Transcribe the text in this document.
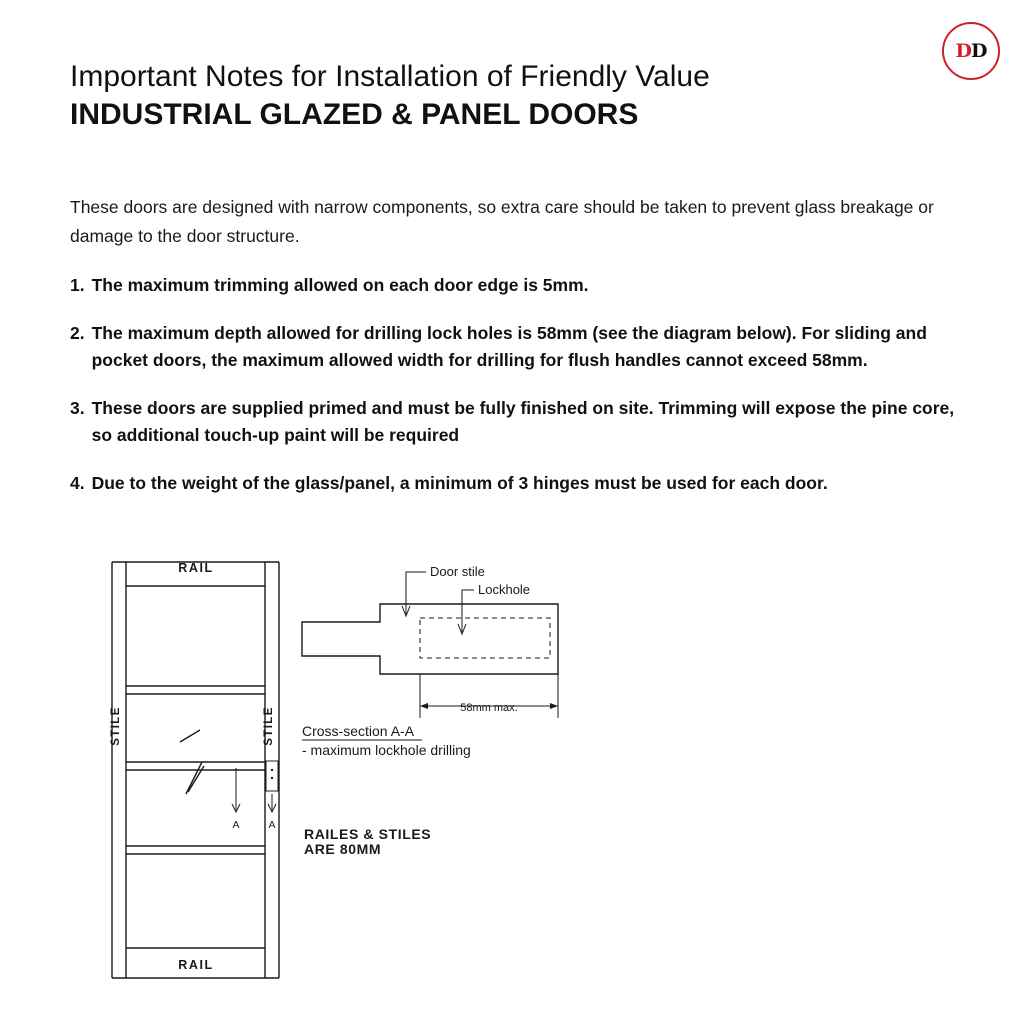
DD
Important Notes for Installation of Friendly Value
INDUSTRIAL GLAZED & PANEL DOORS
These doors are designed with narrow components, so extra care should be taken to prevent glass breakage or damage to the door structure.
1. The maximum trimming allowed on each door edge is 5mm.
2. The maximum depth allowed for drilling lock holes is 58mm (see the diagram below). For sliding and pocket doors, the maximum allowed width for drilling for flush handles cannot exceed 58mm.
3. These doors are supplied primed and must be fully finished on site. Trimming will expose the pine core, so additional touch-up paint will be required
4. Due to the weight of the glass/panel, a minimum of 3 hinges must be used for each door.
RAIL
RAIL
STILE	STILE
A	A
Door stile
Lockhole
58mm max.
Cross-section A-A
- maximum lockhole drilling
RAILES & STILES
ARE 80MM
